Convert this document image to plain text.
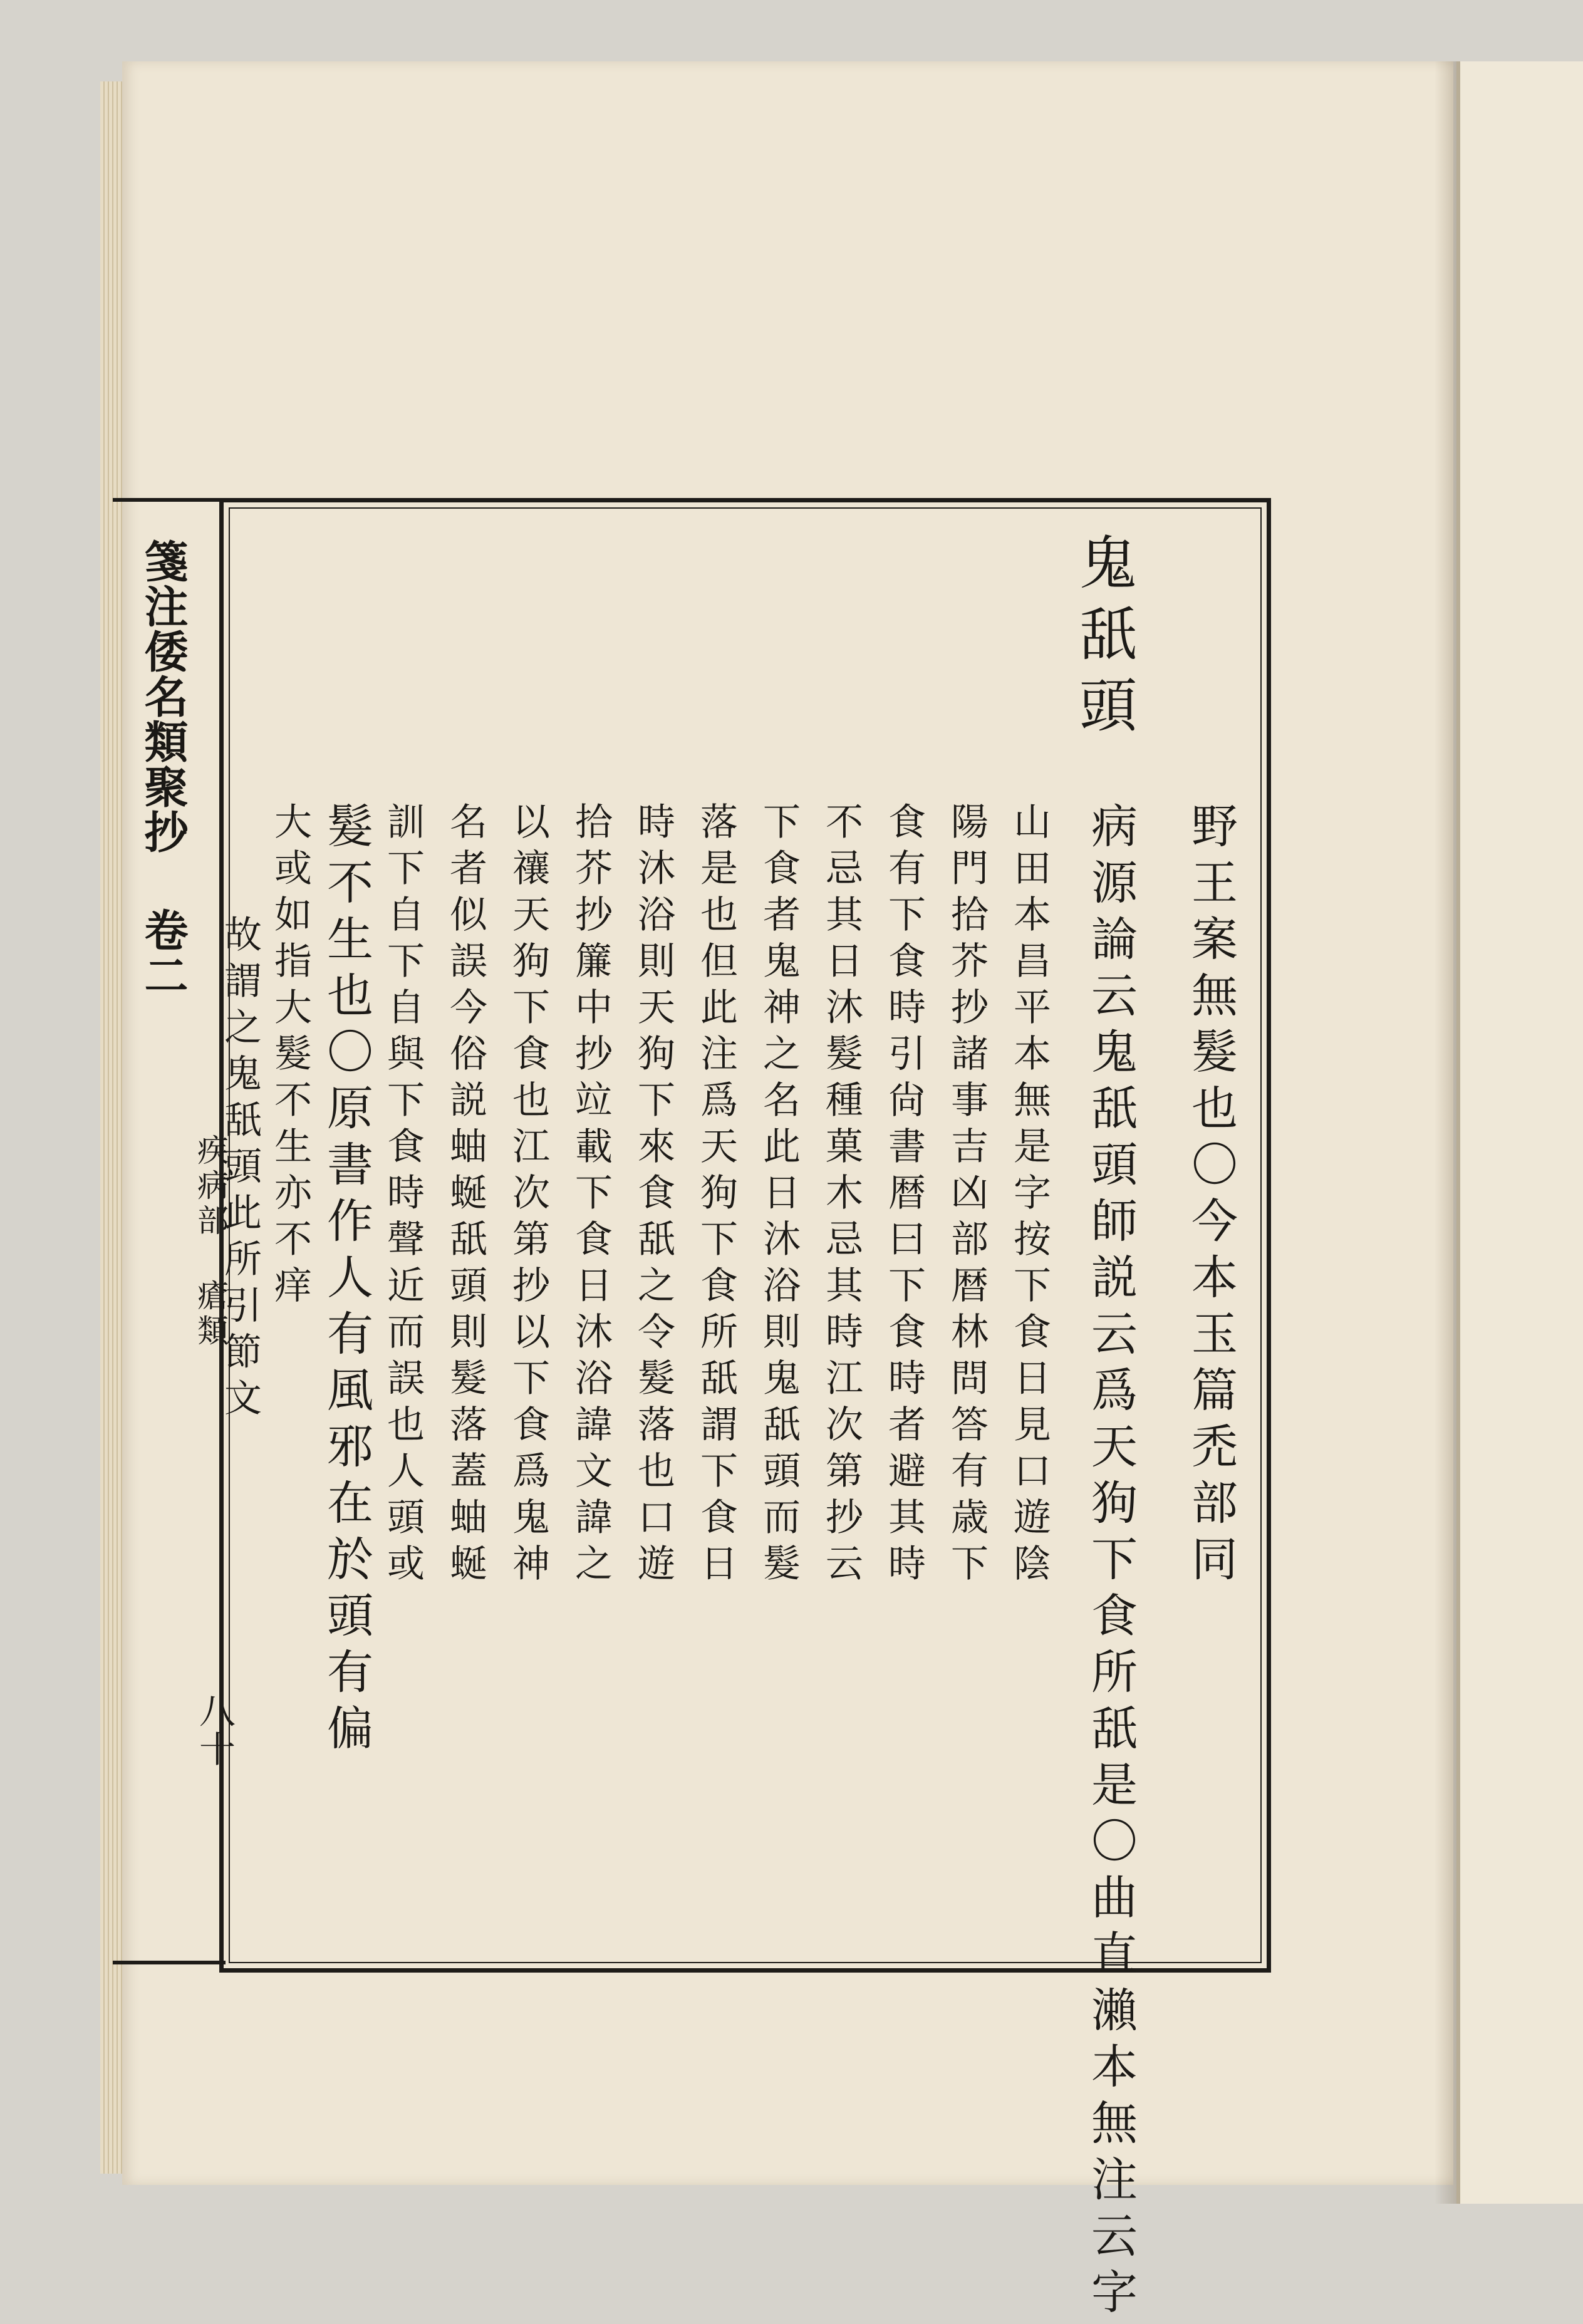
箋注倭名類聚抄 卷二
疾病部 瘡類
八十
鬼舐頭
野王案無髮也〇今本玉篇禿部同
病源論云鬼舐頭師説云爲天狗下食所舐是〇曲直瀨本無注云字
山田本昌平本無是字按下食日見口遊陰
陽門拾芥抄諸事吉凶部暦林問答有歳下
食有下食時引尙書暦曰下食時者避其時
不忌其日沐髮種菓木忌其時江次第抄云
下食者鬼神之名此日沐浴則鬼舐頭而髮
落是也但此注爲天狗下食所舐謂下食日
時沐浴則天狗下來食舐之令髮落也口遊
拾芥抄簾中抄竝載下食日沐浴諱文諱之
以禳天狗下食也江次第抄以下食爲鬼神
名者似誤今俗説蚰蜒舐頭則髮落蓋蚰蜒
訓下自下自與下食時聲近而誤也人頭或
髮不生也〇原書作人有風邪在於頭有偏
大或如指大髮不生亦不痒
故謂之鬼舐頭此所引節文
